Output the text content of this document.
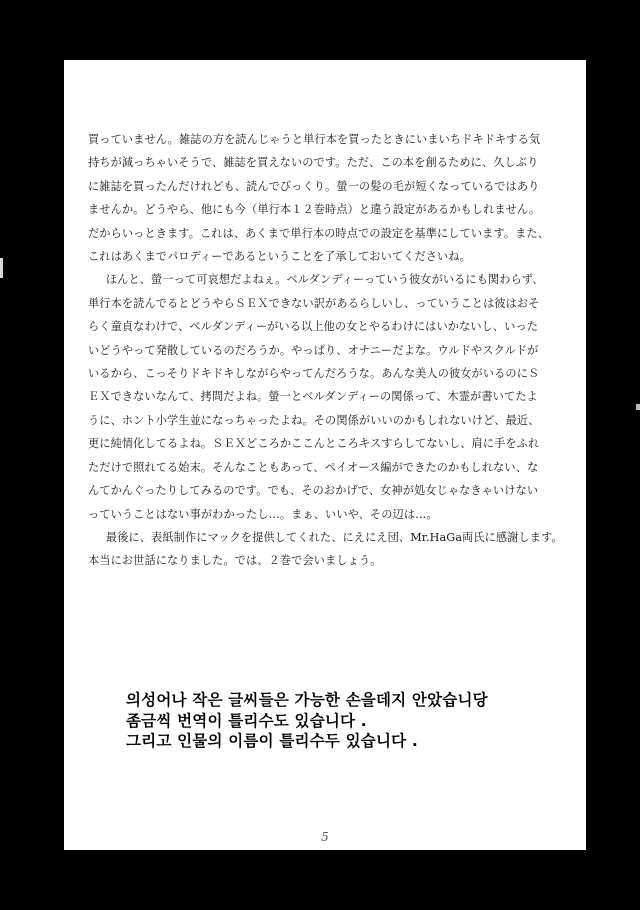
買っていません。雑誌の方を読んじゃうと単行本を買ったときにいまいちドキドキする気

持ちが減っちゃいそうで、雑誌を買えないのです。ただ、この本を創るために、久しぶり

に雑誌を買ったんだけれども、読んでびっくり。螢一の髪の毛が短くなっているではあり

ませんか。どうやら、他にも今（単行本１２巻時点）と違う設定があるかもしれません。

だからいっときます。これは、あくまで単行本の時点での設定を基準にしています。また、

これはあくまでパロディーであるということを了承しておいてくださいね。

ほんと、螢一って可哀想だよねぇ。ベルダンディーっていう彼女がいるにも関わらず、

単行本を読んでるとどうやらＳＥＸできない訳があるらしいし、っていうことは彼はおそ

らく童貞なわけで、ベルダンディーがいる以上他の女とやるわけにはいかないし、いった

いどうやって発散しているのだろうか。やっぱり、オナニーだよな。ウルドやスクルドが

いるから、こっそりドキドキしながらやってんだろうな。あんな美人の彼女がいるのにＳ

ＥＸできないなんて、拷問だよね。螢一とベルダンディーの関係って、木霊が書いてたよ

うに、ホント小学生並になっちゃったよね。その関係がいいのかもしれないけど、最近、

更に純情化してるよね。ＳＥＸどころかここんところキスすらしてないし、肩に手をふれ

ただけで照れてる始末。そんなこともあって、ペイオース編ができたのかもしれない、な

んてかんぐったりしてみるのです。でも、そのおかげで、女神が処女じゃなきゃいけない

っていうことはない事がわかったし…。まぁ、いいや、その辺は…。

最後に、表紙制作にマックを提供してくれた、にえにえ団、Mr.HaGa両氏に感謝します。

本当にお世話になりました。では、２巻で会いましょう。

의성어나 작은 글씨들은 가능한 손을데지 안았습니당
좀금씩 번역이 틀리수도 있습니다 .
그리고 인물의 이름이 틀리수두 있습니다 .
5
